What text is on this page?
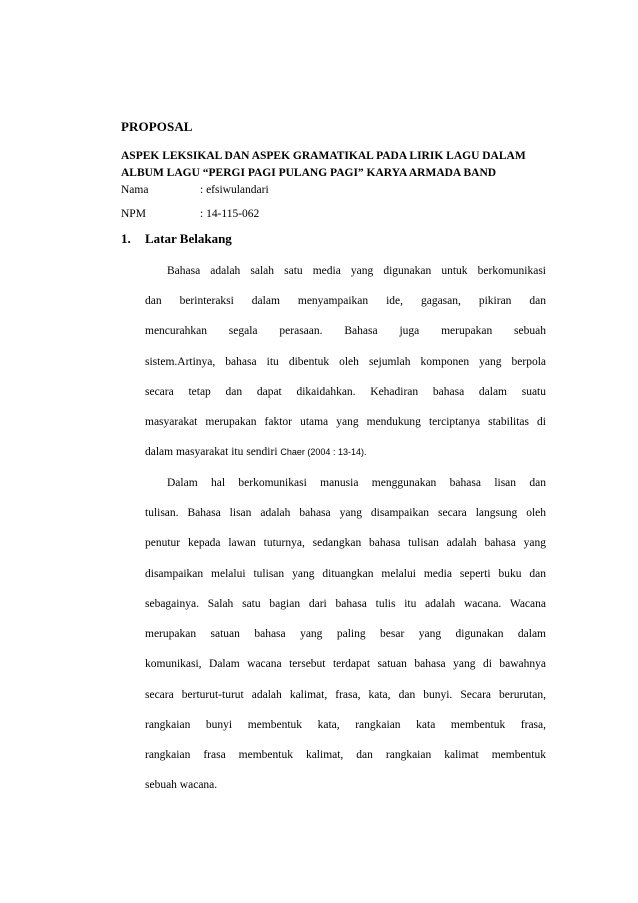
PROPOSAL
ASPEK LEKSIKAL DAN ASPEK GRAMATIKAL PADA LIRIK LAGU DALAM
ALBUM LAGU “PERGI PAGI PULANG PAGI” KARYA ARMADA BAND
Nama	: efsiwulandari
NPM	: 14-115-062
1. Latar Belakang
Bahasa adalah salah satu media yang digunakan untuk berkomunikasi
dan berinteraksi dalam menyampaikan ide, gagasan, pikiran dan
mencurahkan segala perasaan. Bahasa juga merupakan sebuah
sistem.Artinya, bahasa itu dibentuk oleh sejumlah komponen yang berpola
secara tetap dan dapat dikaidahkan. Kehadiran bahasa dalam suatu
masyarakat merupakan faktor utama yang mendukung terciptanya stabilitas di
dalam masyarakat itu sendiri Chaer (2004 : 13-14).
Dalam hal berkomunikasi manusia menggunakan bahasa lisan dan
tulisan. Bahasa lisan adalah bahasa yang disampaikan secara langsung oleh
penutur kepada lawan tuturnya, sedangkan bahasa tulisan adalah bahasa yang
disampaikan melalui tulisan yang dituangkan melalui media seperti buku dan
sebagainya. Salah satu bagian dari bahasa tulis itu adalah wacana. Wacana
merupakan satuan bahasa yang paling besar yang digunakan dalam
komunikasi, Dalam wacana tersebut terdapat satuan bahasa yang di bawahnya
secara berturut-turut adalah kalimat, frasa, kata, dan bunyi. Secara berurutan,
rangkaian bunyi membentuk kata, rangkaian kata membentuk frasa,
rangkaian frasa membentuk kalimat, dan rangkaian kalimat membentuk
sebuah wacana.
